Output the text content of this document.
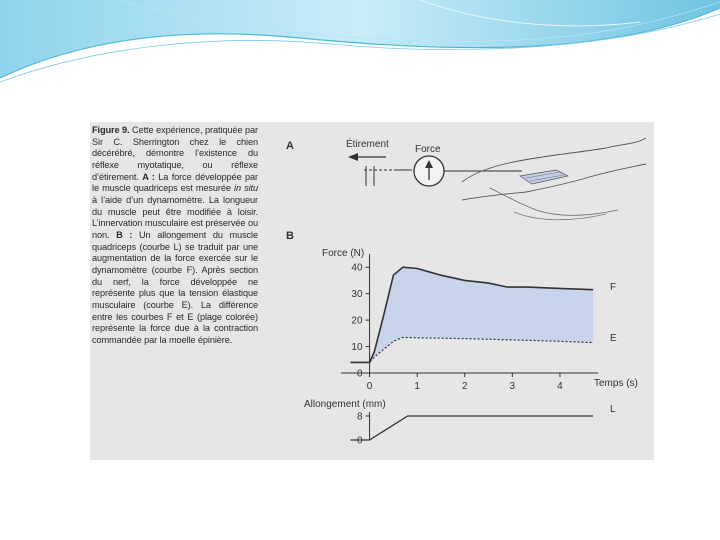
Figure 9. Cette expérience, pratiquée par Sir C. Sherrington chez le chien décérébré, démontre l’existence du réflexe myotatique, ou réflexe d’étirement. A : La force développée par le muscle quadriceps est mesurée in situ à l’aide d’un dynamomètre. La longueur du muscle peut être modifiée à loisir. L’innervation musculaire est préservée ou non. B : Un allongement du muscle quadriceps (courbe L) se traduit par une augmentation de la force exercée sur le dynamomètre (courbe F). Après section du nerf, la force développée ne représente plus que la tension élastique musculaire (courbe E). La différence entre les courbes F et E (plage colorée) représente la force due à la contraction commandée par la moelle épinière.
A	Étirement	Force
B
Force (N)
Temps (s)
Allongement (mm)
0
10
20
30
40
0	1	2	3	4
0
8
F
E
L
